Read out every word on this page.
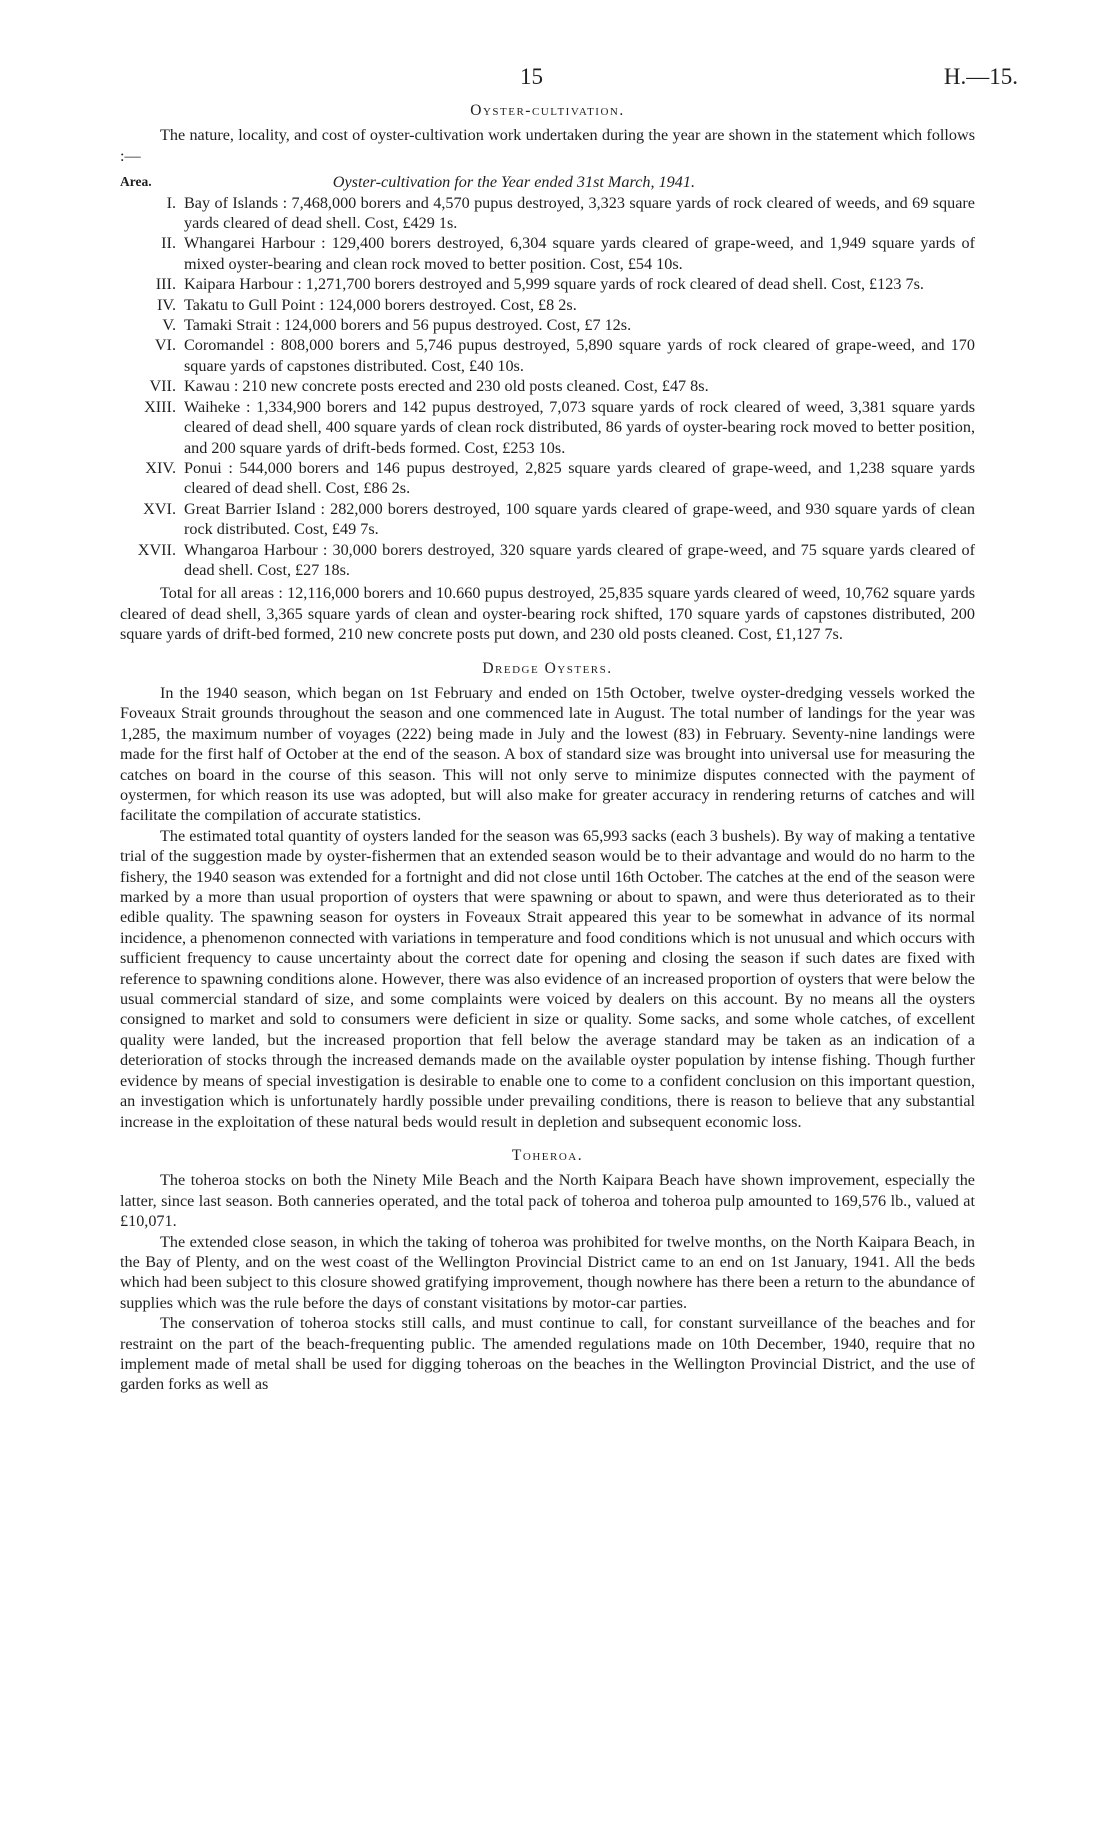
15	H.—15.
Oyster-cultivation.

The nature, locality, and cost of oyster-cultivation work undertaken during the year are shown in the statement which follows :—

Area.	Oyster-cultivation for the Year ended 31st March, 1941.
I. Bay of Islands : 7,468,000 borers and 4,570 pupus destroyed, 3,323 square yards of rock cleared of weeds, and 69 square yards cleared of dead shell. Cost, £429 1s.
II. Whangarei Harbour : 129,400 borers destroyed, 6,304 square yards cleared of grape-weed, and 1,949 square yards of mixed oyster-bearing and clean rock moved to better position. Cost, £54 10s.
III. Kaipara Harbour : 1,271,700 borers destroyed and 5,999 square yards of rock cleared of dead shell. Cost, £123 7s.
IV. Takatu to Gull Point : 124,000 borers destroyed. Cost, £8 2s.
V. Tamaki Strait : 124,000 borers and 56 pupus destroyed. Cost, £7 12s.
VI. Coromandel : 808,000 borers and 5,746 pupus destroyed, 5,890 square yards of rock cleared of grape-weed, and 170 square yards of capstones distributed. Cost, £40 10s.
VII. Kawau : 210 new concrete posts erected and 230 old posts cleaned. Cost, £47 8s.
XIII. Waiheke : 1,334,900 borers and 142 pupus destroyed, 7,073 square yards of rock cleared of weed, 3,381 square yards cleared of dead shell, 400 square yards of clean rock distributed, 86 yards of oyster-bearing rock moved to better position, and 200 square yards of drift-beds formed. Cost, £253 10s.
XIV. Ponui : 544,000 borers and 146 pupus destroyed, 2,825 square yards cleared of grape-weed, and 1,238 square yards cleared of dead shell. Cost, £86 2s.
XVI. Great Barrier Island : 282,000 borers destroyed, 100 square yards cleared of grape-weed, and 930 square yards of clean rock distributed. Cost, £49 7s.
XVII. Whangaroa Harbour : 30,000 borers destroyed, 320 square yards cleared of grape-weed, and 75 square yards cleared of dead shell. Cost, £27 18s.

Total for all areas : 12,116,000 borers and 10.660 pupus destroyed, 25,835 square yards cleared of weed, 10,762 square yards cleared of dead shell, 3,365 square yards of clean and oyster-bearing rock shifted, 170 square yards of capstones distributed, 200 square yards of drift-bed formed, 210 new concrete posts put down, and 230 old posts cleaned. Cost, £1,127 7s.

Dredge Oysters.

In the 1940 season, which began on 1st February and ended on 15th October, twelve oyster-dredging vessels worked the Foveaux Strait grounds throughout the season and one commenced late in August. The total number of landings for the year was 1,285, the maximum number of voyages (222) being made in July and the lowest (83) in February. Seventy-nine landings were made for the first half of October at the end of the season. A box of standard size was brought into universal use for measuring the catches on board in the course of this season. This will not only serve to minimize disputes connected with the payment of oystermen, for which reason its use was adopted, but will also make for greater accuracy in rendering returns of catches and will facilitate the compilation of accurate statistics.

The estimated total quantity of oysters landed for the season was 65,993 sacks (each 3 bushels). By way of making a tentative trial of the suggestion made by oyster-fishermen that an extended season would be to their advantage and would do no harm to the fishery, the 1940 season was extended for a fortnight and did not close until 16th October. The catches at the end of the season were marked by a more than usual proportion of oysters that were spawning or about to spawn, and were thus deteriorated as to their edible quality. The spawning season for oysters in Foveaux Strait appeared this year to be somewhat in advance of its normal incidence, a phenomenon connected with variations in temperature and food conditions which is not unusual and which occurs with sufficient frequency to cause uncertainty about the correct date for opening and closing the season if such dates are fixed with reference to spawning conditions alone. However, there was also evidence of an increased proportion of oysters that were below the usual commercial standard of size, and some complaints were voiced by dealers on this account. By no means all the oysters consigned to market and sold to consumers were deficient in size or quality. Some sacks, and some whole catches, of excellent quality were landed, but the increased proportion that fell below the average standard may be taken as an indication of a deterioration of stocks through the increased demands made on the available oyster population by intense fishing. Though further evidence by means of special investigation is desirable to enable one to come to a confident conclusion on this important question, an investigation which is unfortunately hardly possible under prevailing conditions, there is reason to believe that any substantial increase in the exploitation of these natural beds would result in depletion and subsequent economic loss.

Toheroa.

The toheroa stocks on both the Ninety Mile Beach and the North Kaipara Beach have shown improvement, especially the latter, since last season. Both canneries operated, and the total pack of toheroa and toheroa pulp amounted to 169,576 lb., valued at £10,071.

The extended close season, in which the taking of toheroa was prohibited for twelve months, on the North Kaipara Beach, in the Bay of Plenty, and on the west coast of the Wellington Provincial District came to an end on 1st January, 1941. All the beds which had been subject to this closure showed gratifying improvement, though nowhere has there been a return to the abundance of supplies which was the rule before the days of constant visitations by motor-car parties.

The conservation of toheroa stocks still calls, and must continue to call, for constant surveillance of the beaches and for restraint on the part of the beach-frequenting public. The amended regulations made on 10th December, 1940, require that no implement made of metal shall be used for digging toheroas on the beaches in the Wellington Provincial District, and the use of garden forks as well as
